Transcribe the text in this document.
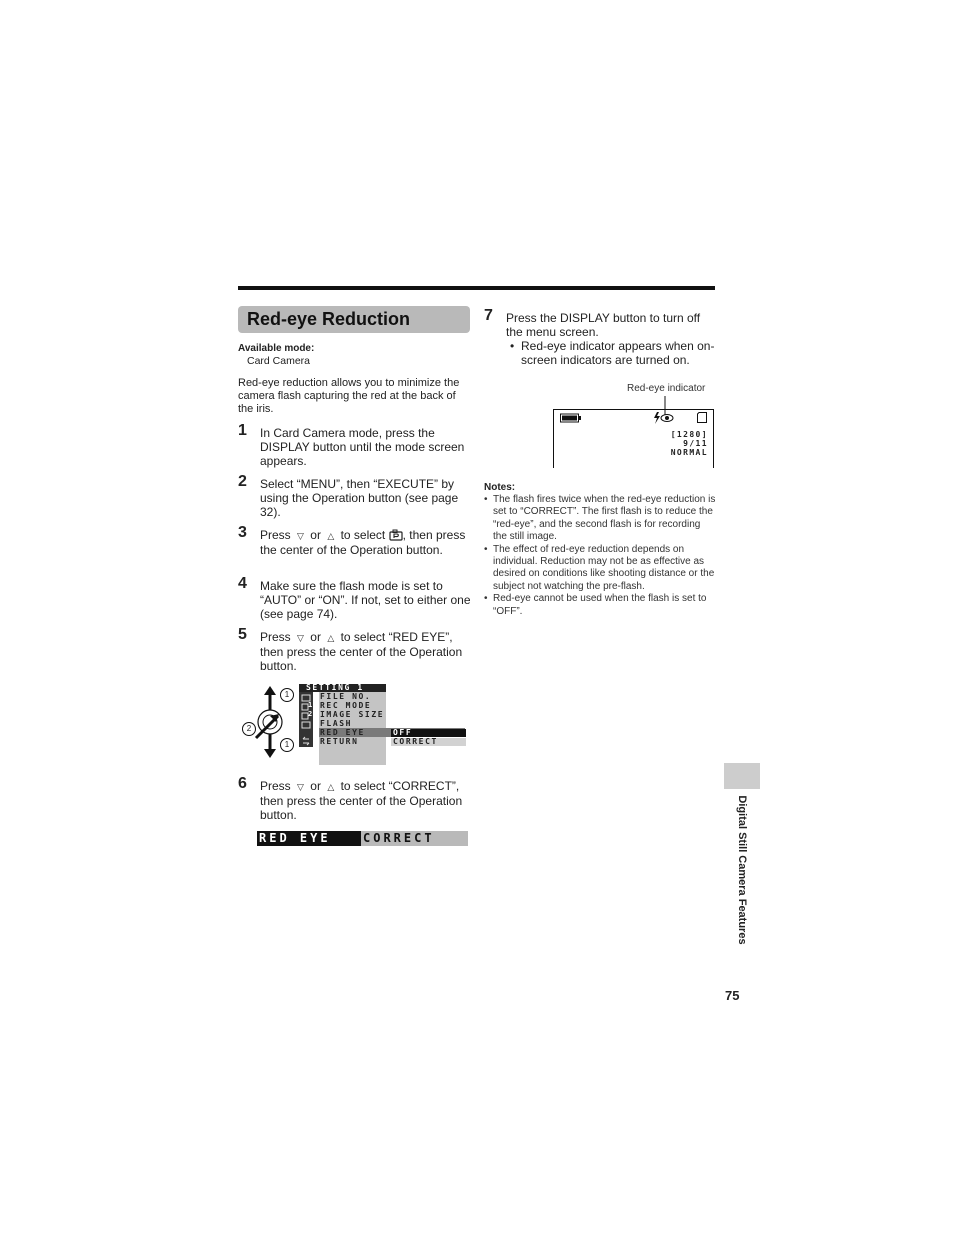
Red-eye Reduction
Available mode:
Card Camera
Red-eye reduction allows you to minimize the camera flash capturing the red at the back of the iris.
1 In Card Camera mode, press the DISPLAY button until the mode screen appears.
2 Select “MENU”, then “EXECUTE” by using the Operation button (see page 32).
3 Press ▽ or △ to select , then press the center of the Operation button.
4 Make sure the flash mode is set to “AUTO” or “ON”. If not, set to either one (see page 74).
5 Press ▽ or △ to select “RED EYE”, then press the center of the Operation button.
1
2
1
SETTING 1
1
2
FILE NO.
REC MODE
IMAGE SIZE
FLASH
RED EYE
RETURN
OFF
CORRECT
6 Press ▽ or △ to select “CORRECT”, then press the center of the Operation button.
RED EYE	CORRECT
7 Press the DISPLAY button to turn off the menu screen.
• Red-eye indicator appears when on-screen indicators are turned on.
Red-eye indicator
[1280]
9/11
NORMAL
Notes:
• The flash fires twice when the red-eye reduction is set to “CORRECT”. The first flash is to reduce the “red-eye”, and the second flash is for recording the still image.
• The effect of red-eye reduction depends on individual. Reduction may not be as effective as desired on conditions like shooting distance or the subject not watching the pre-flash.
• Red-eye cannot be used when the flash is set to “OFF”.
Digital Still Camera Features
75
